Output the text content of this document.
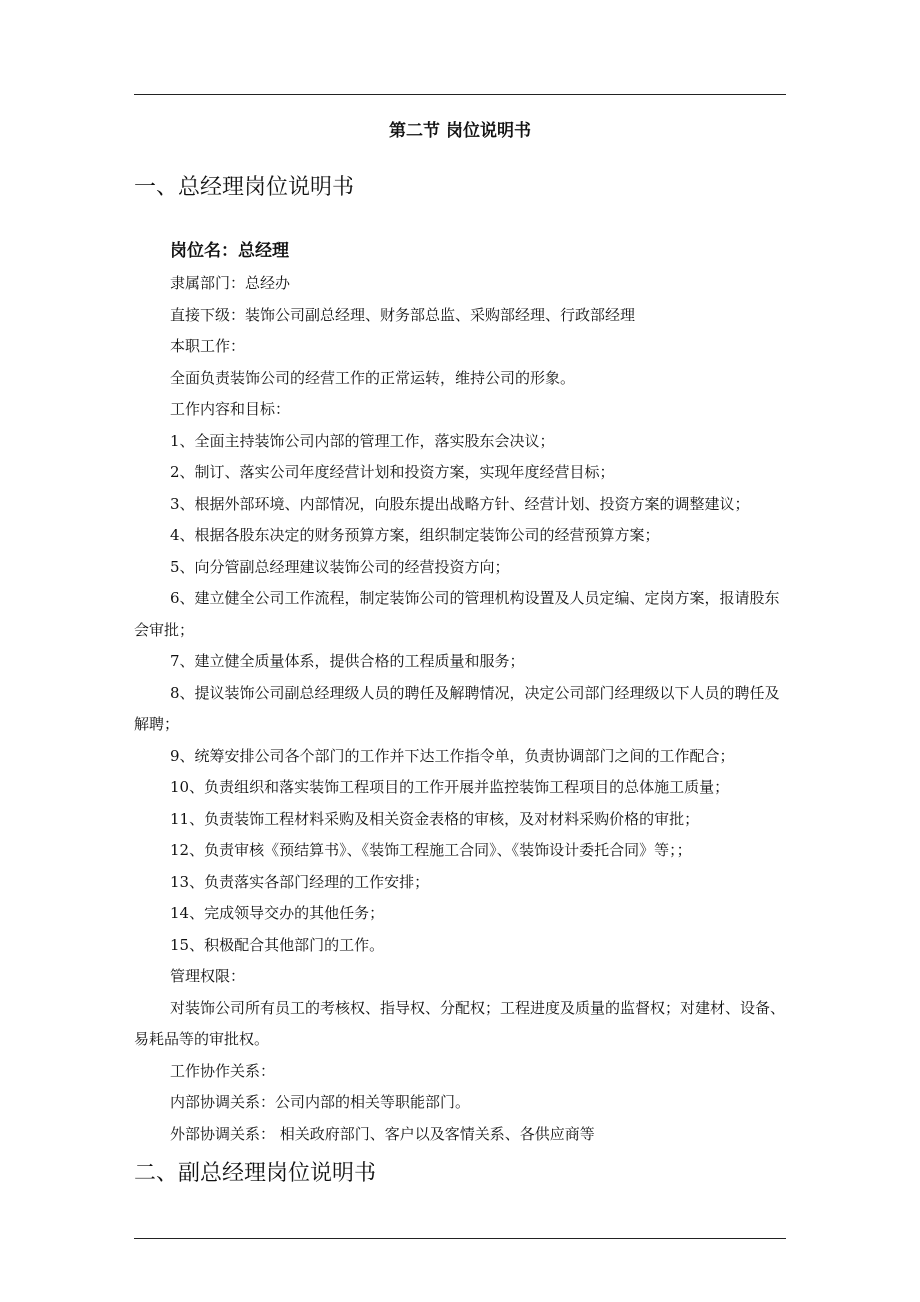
第二节 岗位说明书
一、总经理岗位说明书
岗位名：总经理

隶属部门：总经办

直接下级：装饰公司副总经理、财务部总监、采购部经理、行政部经理

本职工作：

全面负责装饰公司的经营工作的正常运转，维持公司的形象。

工作内容和目标：

1、全面主持装饰公司内部的管理工作，落实股东会决议；

2、制订、落实公司年度经营计划和投资方案，实现年度经营目标；

3、根据外部环境、内部情况，向股东提出战略方针、经营计划、投资方案的调整建议；

4、根据各股东决定的财务预算方案，组织制定装饰公司的经营预算方案；

5、向分管副总经理建议装饰公司的经营投资方向；

6、建立健全公司工作流程，制定装饰公司的管理机构设置及人员定编、定岗方案，报请股东会审批；

7、建立健全质量体系，提供合格的工程质量和服务；

8、提议装饰公司副总经理级人员的聘任及解聘情况，决定公司部门经理级以下人员的聘任及解聘；

9、统筹安排公司各个部门的工作并下达工作指令单，负责协调部门之间的工作配合；

10、负责组织和落实装饰工程项目的工作开展并监控装饰工程项目的总体施工质量；

11、负责装饰工程材料采购及相关资金表格的审核，及对材料采购价格的审批；

12、负责审核《预结算书》、《装饰工程施工合同》、《装饰设计委托合同》等；；

13、负责落实各部门经理的工作安排；

14、完成领导交办的其他任务；

15、积极配合其他部门的工作。

管理权限：

对装饰公司所有员工的考核权、指导权、分配权；工程进度及质量的监督权；对建材、设备、易耗品等的审批权。

工作协作关系：

内部协调关系：公司内部的相关等职能部门。

外部协调关系： 相关政府部门、客户以及客情关系、各供应商等

二、副总经理岗位说明书
